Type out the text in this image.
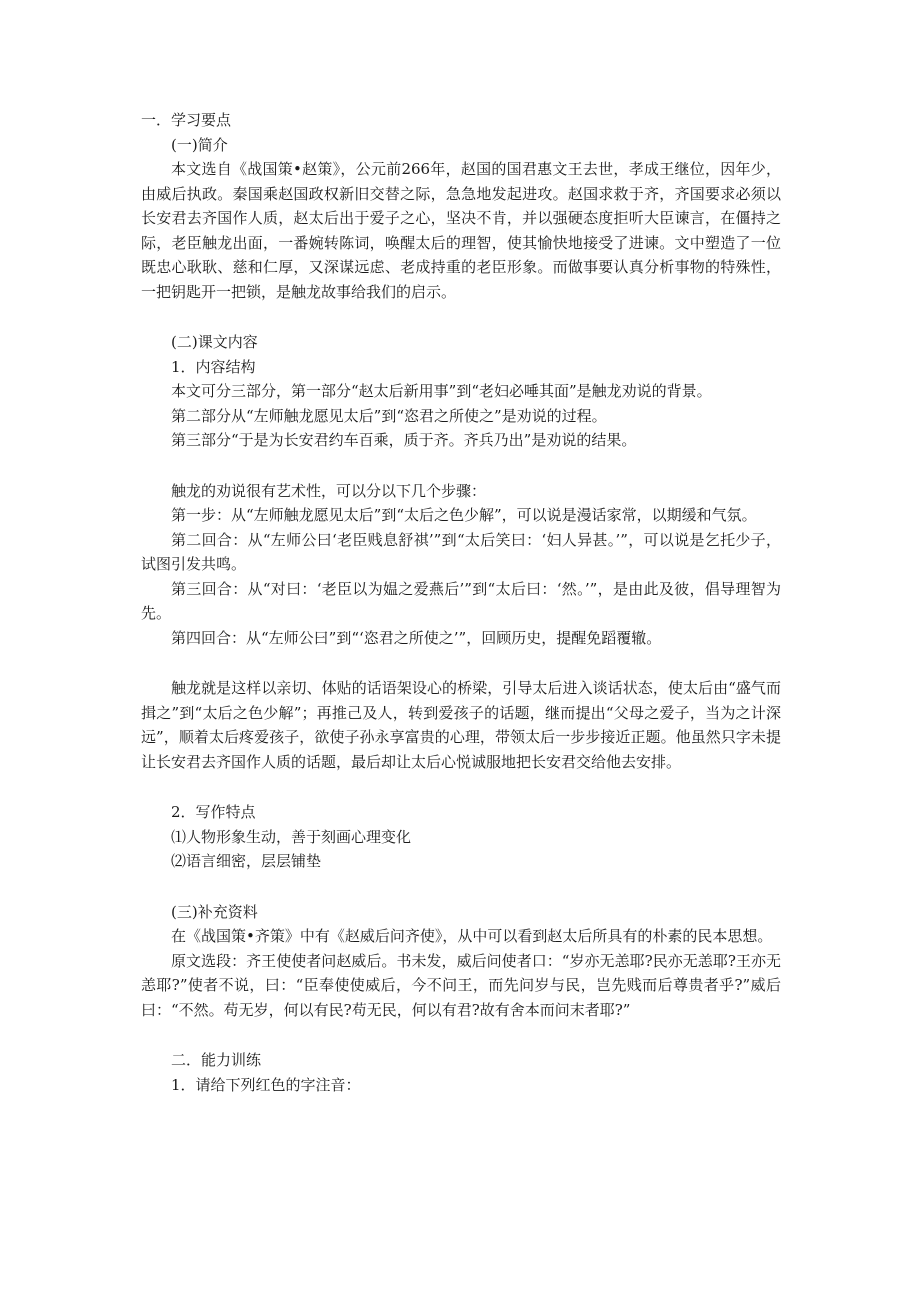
一．学习要点

(一)简介

本文选自《战国策•赵策》，公元前266年，赵国的国君惠文王去世，孝成王继位，因年少，由威后执政。秦国乘赵国政权新旧交替之际，急急地发起进攻。赵国求救于齐，齐国要求必须以长安君去齐国作人质，赵太后出于爱子之心，坚决不肯，并以强硬态度拒听大臣谏言，在僵持之际，老臣触龙出面，一番婉转陈词，唤醒太后的理智，使其愉快地接受了进谏。文中塑造了一位既忠心耿耿、慈和仁厚，又深谋远虑、老成持重的老臣形象。而做事要认真分析事物的特殊性，一把钥匙开一把锁，是触龙故事给我们的启示。

(二)课文内容

1．内容结构

本文可分三部分，第一部分“赵太后新用事”到“老妇必唾其面”是触龙劝说的背景。

第二部分从“左师触龙愿见太后”到“恣君之所使之”是劝说的过程。

第三部分“于是为长安君约车百乘，质于齐。齐兵乃出”是劝说的结果。

触龙的劝说很有艺术性，可以分以下几个步骤：

第一步：从“左师触龙愿见太后”到“太后之色少解”，可以说是漫话家常，以期缓和气氛。

第二回合：从“左师公曰‘老臣贱息舒祺’”到“太后笑曰：‘妇人异甚。’”，可以说是乞托少子，试图引发共鸣。

第三回合：从“对曰：‘老臣以为媪之爱燕后’”到“太后曰：‘然。’”，是由此及彼，倡导理智为先。

第四回合：从“左师公曰”到“‘恣君之所使之’”，回顾历史，提醒免蹈覆辙。

触龙就是这样以亲切、体贴的话语架设心的桥梁，引导太后进入谈话状态，使太后由“盛气而揖之”到“太后之色少解”；再推己及人，转到爱孩子的话题，继而提出“父母之爱子，当为之计深远”，顺着太后疼爱孩子，欲使子孙永享富贵的心理，带领太后一步步接近正题。他虽然只字未提让长安君去齐国作人质的话题，最后却让太后心悦诚服地把长安君交给他去安排。

2．写作特点

⑴人物形象生动，善于刻画心理变化

⑵语言细密，层层铺垫

(三)补充资料

在《战国策•齐策》中有《赵威后问齐使》，从中可以看到赵太后所具有的朴素的民本思想。

原文选段：齐王使使者问赵威后。书未发，威后问使者口：“岁亦无恙耶?民亦无恙耶?王亦无恙耶?”使者不说，曰：“臣奉使使威后，今不问王，而先问岁与民，岂先贱而后尊贵者乎?”威后曰：“不然。苟无岁，何以有民?苟无民，何以有君?故有舍本而问末者耶?”

二．能力训练

1．请给下列红色的字注音：
